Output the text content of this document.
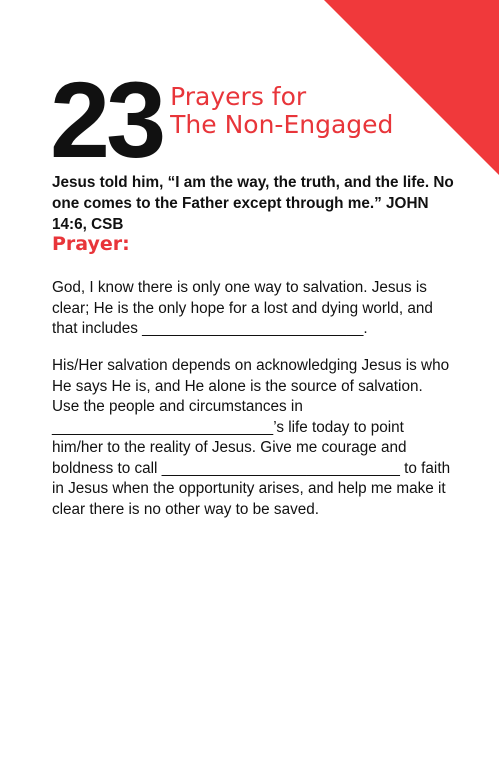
23 Prayers for
The Non-Engaged
Jesus told him, “I am the way, the truth, and the life. No one comes to the Father except through me.” JOHN 14:6, CSB
Prayer:
God, I know there is only one way to salvation. Jesus is clear; He is the only hope for a lost and dying world, and that includes __________________________.
His/Her salvation depends on acknowledging Jesus is who He says He is, and He alone is the source of salvation. Use the people and circumstances in __________________________’s life today to point him/her to the reality of Jesus. Give me courage and boldness to call ____________________________ to faith in Jesus when the opportunity arises, and help me make it clear there is no other way to be saved.
